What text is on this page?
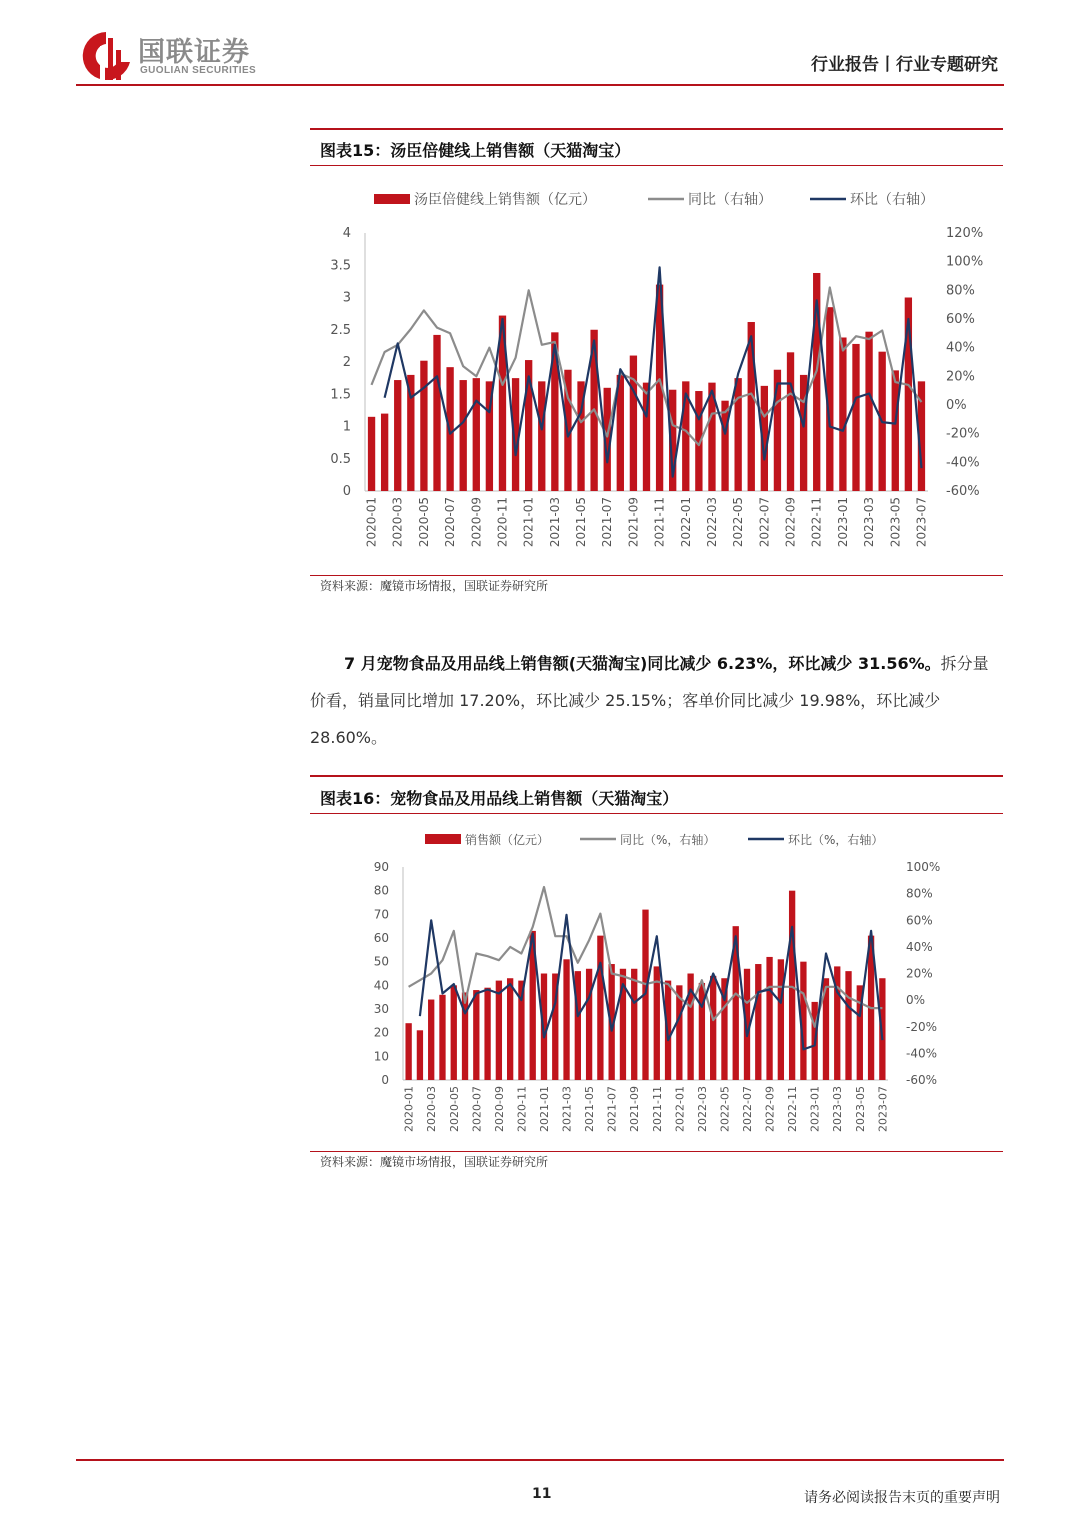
国联证券
GUOLIAN SECURITIES	行业报告丨行业专题研究
图表15：汤臣倍健线上销售额（天猫淘宝）
0
0.5
1
1.5
2
2.5
3
3.5
4
-60%
-40%
-20%
0%
20%
40%
60%
80%
100%
120%
2020-01 2020-03 2020-05 2020-07 2020-09 2020-11 2021-01 2021-03 2021-05 2021-07 2021-09 2021-11 2022-01 2022-03 2022-05 2022-07 2022-09 2022-11 2023-01 2023-03 2023-05 2023-07
汤臣倍健线上销售额（亿元）	同比（右轴）	环比（右轴）
资料来源：魔镜市场情报，国联证券研究所
7 月宠物食品及用品线上销售额(天猫淘宝)同比减少 6.23%，环比减少 31.56%。拆分量价看，销量同比增加 17.20%，环比减少 25.15%；客单价同比减少 19.98%，环比减少 28.60%。
图表16：宠物食品及用品线上销售额（天猫淘宝）
0
10
20
30
40
50
60
70
80
90
-60%
-40%
-20%
0%
20%
40%
60%
80%
100%
2020-01 2020-03 2020-05 2020-07 2020-09 2020-11 2021-01 2021-03 2021-05 2021-07 2021-09 2021-11 2022-01 2022-03 2022-05 2022-07 2022-09 2022-11 2023-01 2023-03 2023-05 2023-07
销售额（亿元）	同比（%，右轴）	环比（%，右轴）
资料来源：魔镜市场情报，国联证券研究所
11	请务必阅读报告末页的重要声明
